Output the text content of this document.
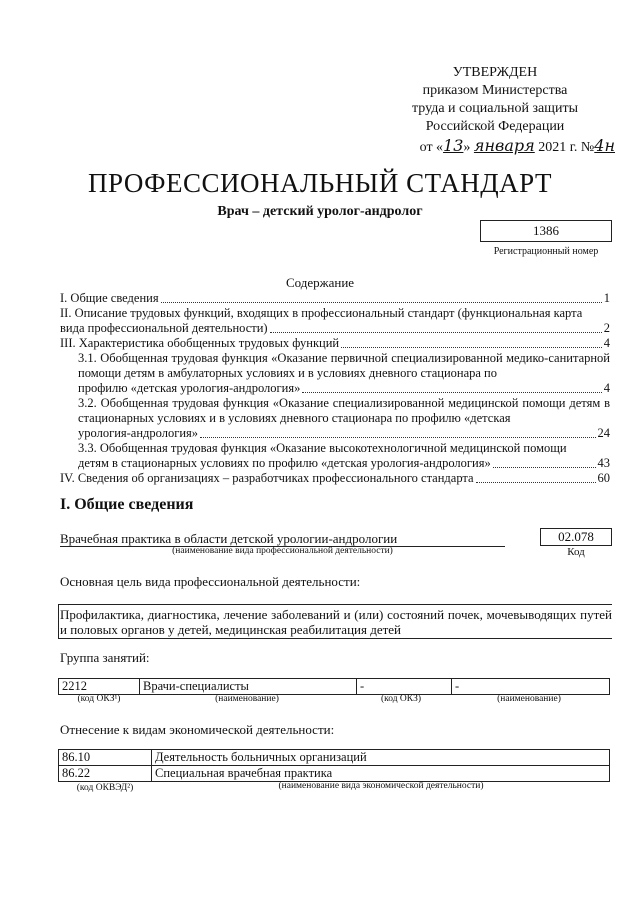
УТВЕРЖДЕН
приказом Министерства
труда и социальной защиты
Российской Федерации
от «13» января 2021 г. №4н
ПРОФЕССИОНАЛЬНЫЙ СТАНДАРТ
Врач – детский уролог-андролог
1386
Регистрационный номер
Содержание
I. Общие сведения	1
II. Описание трудовых функций, входящих в профессиональный стандарт (функциональная карта
вида профессиональной деятельности)	2
III. Характеристика обобщенных трудовых функций	4
3.1. Обобщенная трудовая функция «Оказание первичной специализированной медико-санитарной помощи детям в амбулаторных условиях и в условиях дневного стационара по
профилю «детская урология-андрология»	4
3.2. Обобщенная трудовая функция «Оказание специализированной медицинской помощи детям в стационарных условиях и в условиях дневного стационара по профилю «детская
урология-андрология»	24
3.3. Обобщенная трудовая функция «Оказание высокотехнологичной медицинской помощи
детям в стационарных условиях по профилю «детская урология-андрология»	43
IV. Сведения об организациях – разработчиках профессионального стандарта	60
I. Общие сведения
Врачебная практика в области детской урологии-андрологии
(наименование вида профессиональной деятельности)
02.078
Код
Основная цель вида профессиональной деятельности:
Профилактика, диагностика, лечение заболеваний и (или) состояний почек, мочевыводящих путей и половых органов у детей, медицинская реабилитация детей
Группа занятий:
2212	Врачи-специалисты	-	-
(код ОКЗ¹)	(наименование)	(код ОКЗ)	(наименование)
Отнесение к видам экономической деятельности:
86.10	Деятельность больничных организаций
86.22	Специальная врачебная практика
(код ОКВЭД²)	(наименование вида экономической деятельности)
